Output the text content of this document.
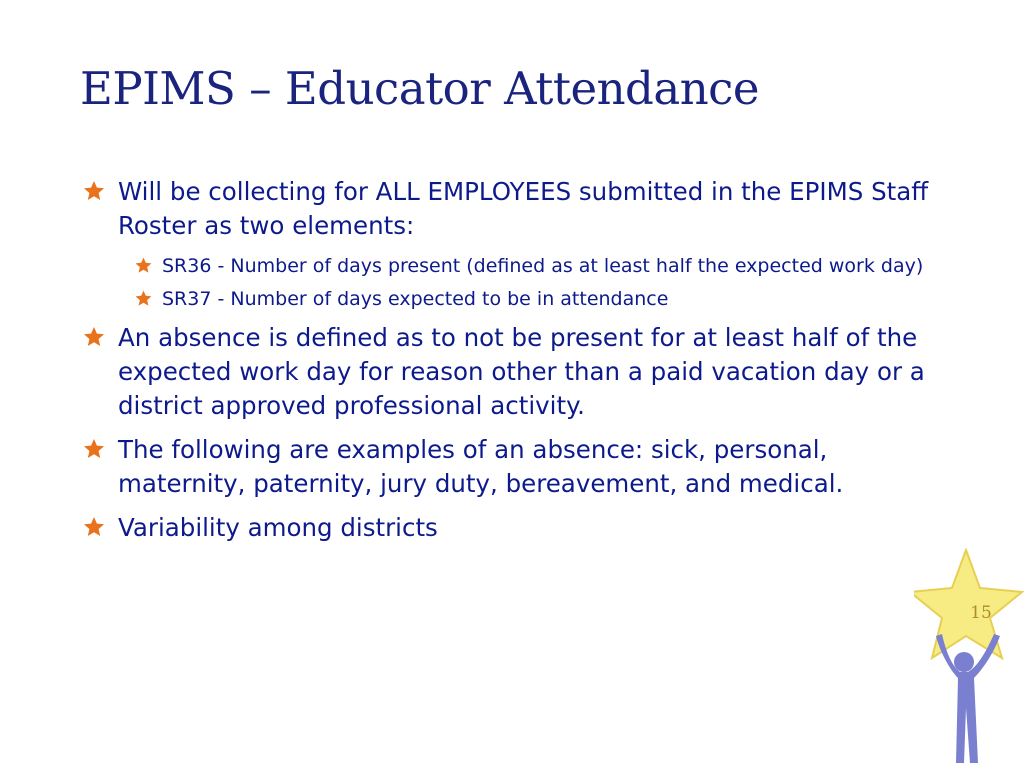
EPIMS – Educator Attendance
Will be collecting for ALL EMPLOYEES submitted in the EPIMS Staff Roster as two elements:
SR36 - Number of days present (defined as at least half the expected work day)
SR37 - Number of days expected to be in attendance
An absence is defined as to not be present for at least half of the expected work day for reason other than a paid vacation day or a district approved professional activity.
The following are examples of an absence: sick, personal, maternity, paternity, jury duty, bereavement, and medical.
Variability among districts
15
